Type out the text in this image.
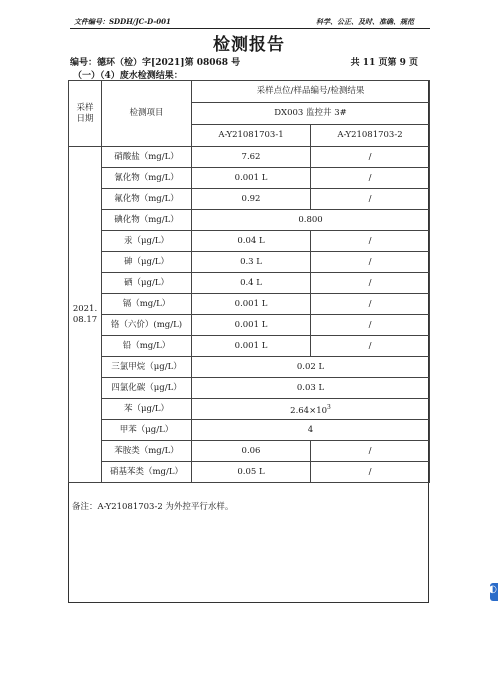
文件编号：SDDH/JC-D-001	科学、公正、及时、准确、规范
检测报告
编号：德环（检）字[2021]第 08068 号	共 11 页第 9 页
（一）（4）废水检测结果：
采样
日期	检测项目	采样点位/样品编号/检测结果	
		DX003 监控井 3#	
		A-Y21081703-1	A-Y21081703-2
2021.
08.17	硝酸盐（mg/L）	7.62	/
	氰化物（mg/L）	0.001 L	/
	氟化物（mg/L）	0.92	/
	碘化物（mg/L）	0.800	
	汞（μg/L）	0.04 L	/
	砷（μg/L）	0.3 L	/
	硒（μg/L）	0.4 L	/
	镉（mg/L）	0.001 L	/
	铬（六价）(mg/L)	0.001 L	/
	铅（mg/L）	0.001 L	/
	三氯甲烷（μg/L）	0.02 L	
	四氯化碳（μg/L）	0.03 L	
	苯（μg/L）	$2.64\times 10^3$
	甲苯（μg/L）	4	
	苯胺类（mg/L）	0.06	/
	硝基苯类（mg/L）	0.05 L	/
备注：A-Y21081703-2 为外控平行水样。
◐
